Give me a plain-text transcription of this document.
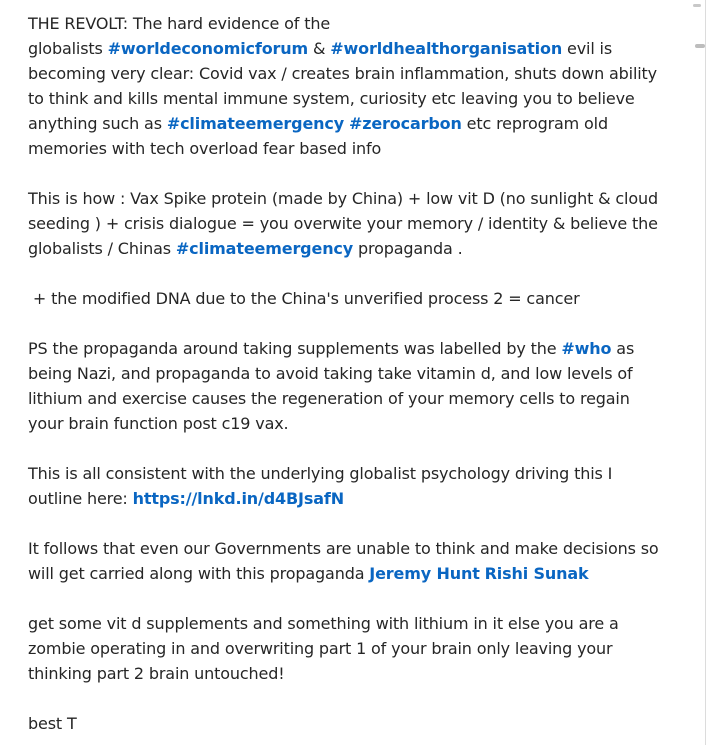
THE REVOLT: The hard evidence of the
globalists #worldeconomicforum & #worldhealthorganisation evil is becoming very clear: Covid vax / creates brain inflammation, shuts down ability to think and kills mental immune system, curiosity etc leaving you to believe anything such as #climateemergency #zerocarbon etc reprogram old memories with tech overload fear based info

This is how : Vax Spike protein (made by China) + low vit D (no sunlight & cloud seeding ) + crisis dialogue = you overwite your memory / identity & believe the globalists / Chinas #climateemergency propaganda .

+ the modified DNA due to the China's unverified process 2 = cancer

PS the propaganda around taking supplements was labelled by the #who as being Nazi, and propaganda to avoid taking take vitamin d, and low levels of lithium and exercise causes the regeneration of your memory cells to regain your brain function post c19 vax.

This is all consistent with the underlying globalist psychology driving this I outline here: https://lnkd.in/d4BJsafN

It follows that even our Governments are unable to think and make decisions so will get carried along with this propaganda Jeremy Hunt Rishi Sunak

get some vit d supplements and something with lithium in it else you are a zombie operating in and overwriting part 1 of your brain only leaving your thinking part 2 brain untouched!

best T
